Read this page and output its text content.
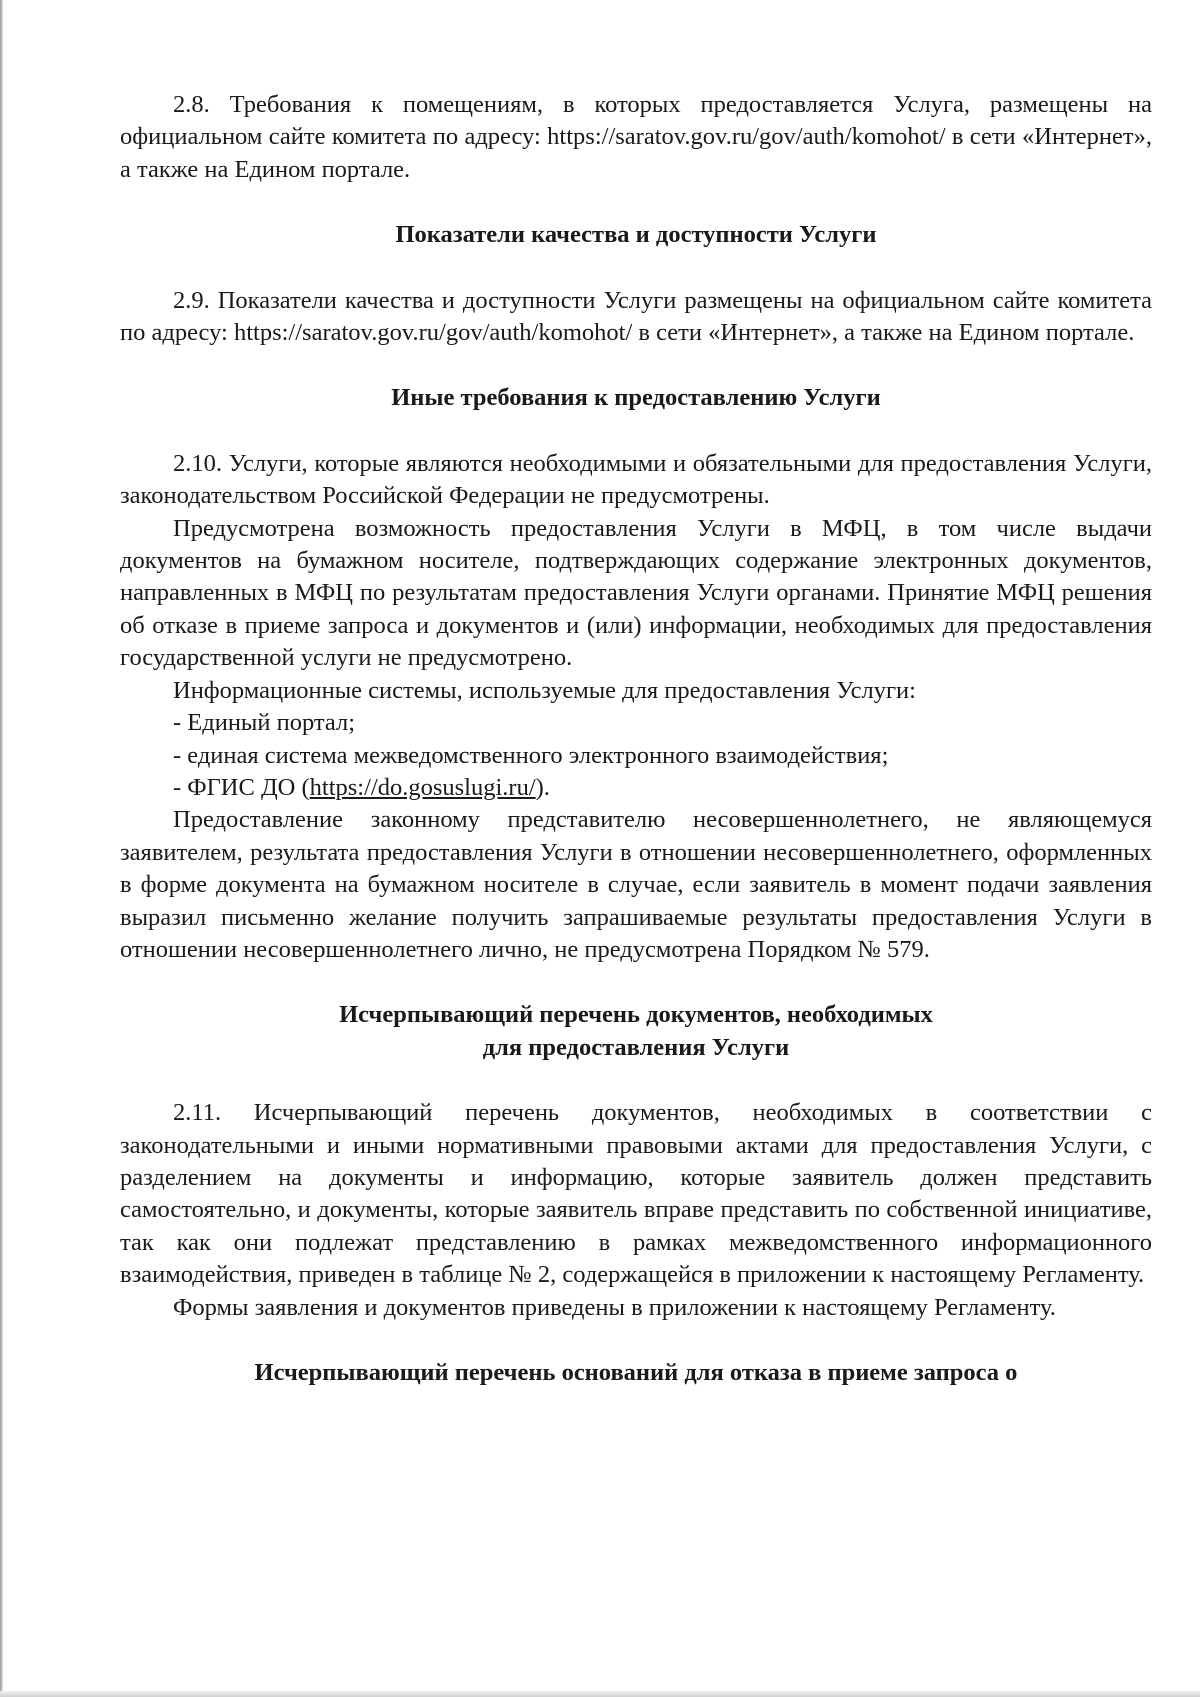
2.8. Требования к помещениям, в которых предоставляется Услуга, размещены на официальном сайте комитета по адресу: https://saratov.gov.ru/gov/auth/komohot/ в сети «Интернет», а также на Едином портале.

Показатели качества и доступности Услуги

2.9. Показатели качества и доступности Услуги размещены на официальном сайте комитета по адресу: https://saratov.gov.ru/gov/auth/komohot/ в сети «Интернет», а также на Едином портале.

Иные требования к предоставлению Услуги

2.10. Услуги, которые являются необходимыми и обязательными для предоставления Услуги, законодательством Российской Федерации не предусмотрены.

Предусмотрена возможность предоставления Услуги в МФЦ, в том числе выдачи документов на бумажном носителе, подтверждающих содержание электронных документов, направленных в МФЦ по результатам предоставления Услуги органами. Принятие МФЦ решения об отказе в приеме запроса и документов и (или) информации, необходимых для предоставления государственной услуги не предусмотрено.

Информационные системы, используемые для предоставления Услуги:

- Единый портал;

- единая система межведомственного электронного взаимодействия;

- ФГИС ДО (https://do.gosuslugi.ru/).

Предоставление законному представителю несовершеннолетнего, не являющемуся заявителем, результата предоставления Услуги в отношении несовершеннолетнего, оформленных в форме документа на бумажном носителе в случае, если заявитель в момент подачи заявления выразил письменно желание получить запрашиваемые результаты предоставления Услуги в отношении несовершеннолетнего лично, не предусмотрена Порядком № 579.

Исчерпывающий перечень документов, необходимых
для предоставления Услуги

2.11. Исчерпывающий перечень документов, необходимых в соответствии с законодательными и иными нормативными правовыми актами для предоставления Услуги, с разделением на документы и информацию, которые заявитель должен представить самостоятельно, и документы, которые заявитель вправе представить по собственной инициативе, так как они подлежат представлению в рамках межведомственного информационного взаимодействия, приведен в таблице № 2, содержащейся в приложении к настоящему Регламенту.

Формы заявления и документов приведены в приложении к настоящему Регламенту.

Исчерпывающий перечень оснований для отказа в приеме запроса о
